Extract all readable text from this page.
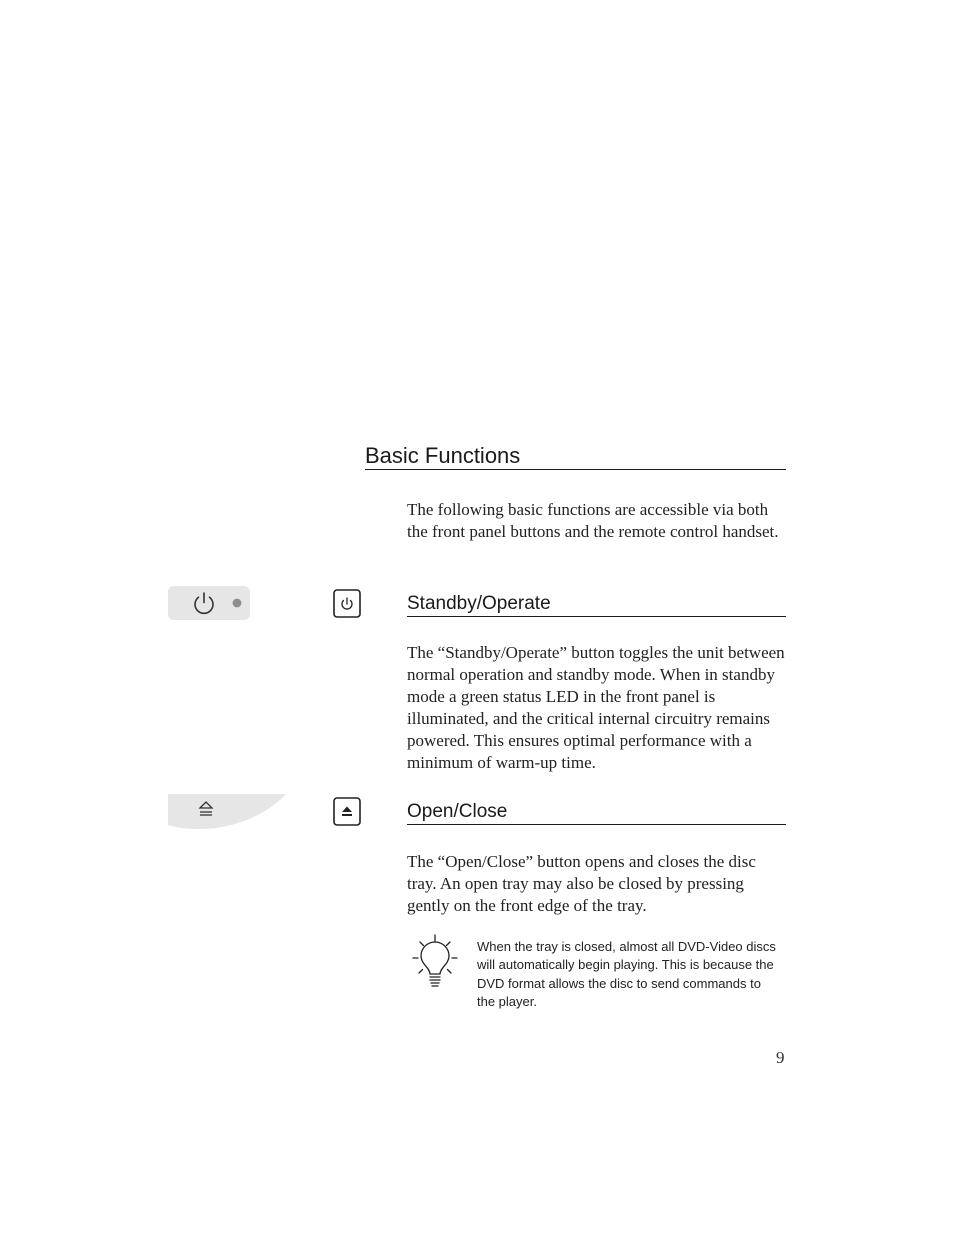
Basic Functions

The following basic functions are accessible via both the front panel buttons and the remote control handset.

Standby/Operate

The “Standby/Operate” button toggles the unit between normal operation and standby mode. When in standby mode a green status LED in the front panel is illuminated, and the critical internal circuitry remains powered. This ensures optimal performance with a minimum of warm-up time.

Open/Close

The “Open/Close” button opens and closes the disc tray. An open tray may also be closed by pressing gently on the front edge of the tray.

When the tray is closed, almost all DVD-Video discs will automatically begin playing. This is because the DVD format allows the disc to send commands to the player.

9
